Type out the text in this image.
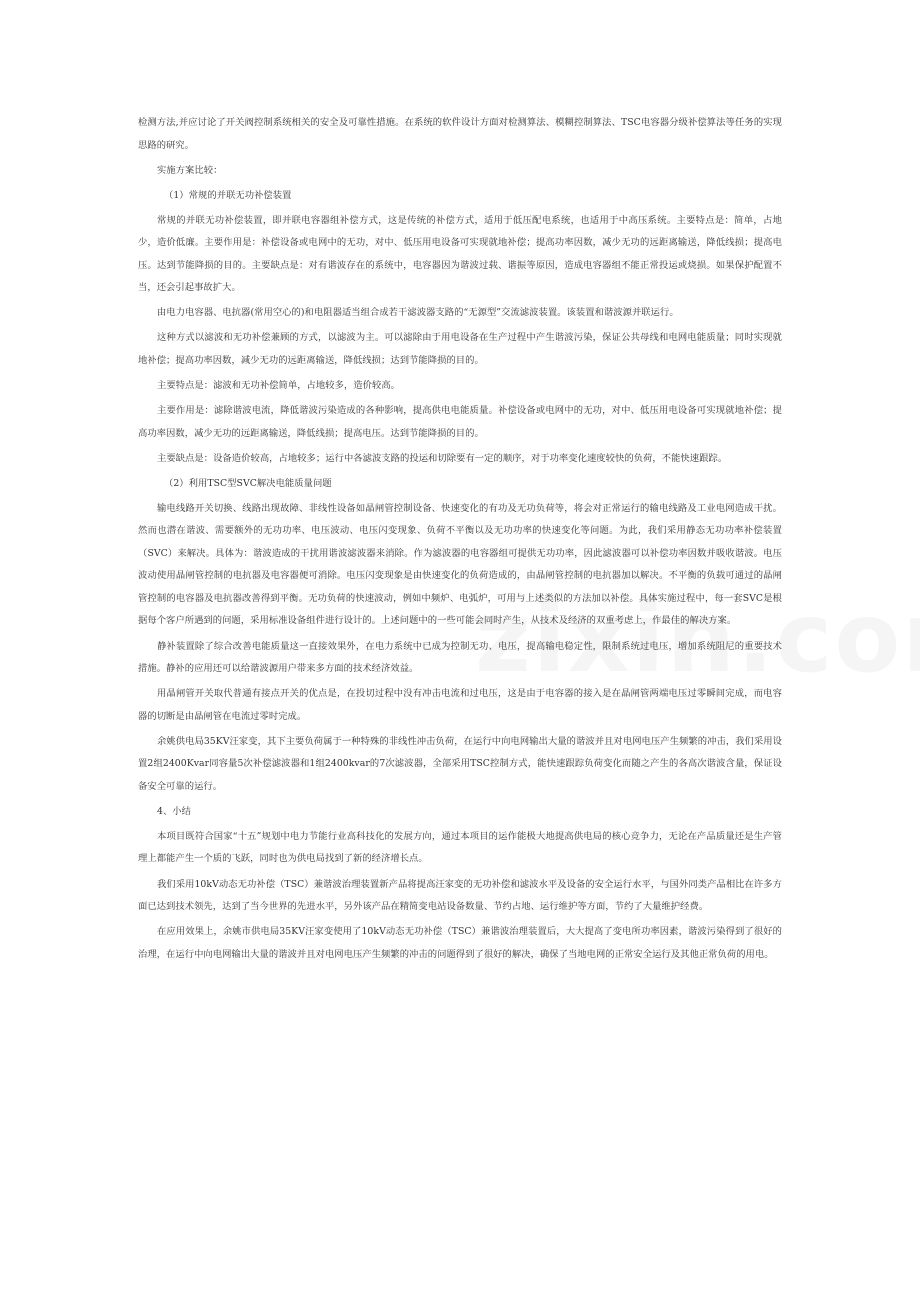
检测方法,并应讨论了开关阀控制系统相关的安全及可靠性措施。在系统的软件设计方面对检测算法、模糊控制算法、TSC电容器分级补偿算法等任务的实现思路的研究。

实施方案比较：

（1）常规的并联无功补偿装置

常规的并联无功补偿装置，即并联电容器组补偿方式，这是传统的补偿方式，适用于低压配电系统，也适用于中高压系统。主要特点是：简单，占地少，造价低廉。主要作用是：补偿设备或电网中的无功，对中、低压用电设备可实现就地补偿；提高功率因数，减少无功的远距离输送，降低线损；提高电压。达到节能降损的目的。主要缺点是：对有谐波存在的系统中，电容器因为谐波过载、谐振等原因，造成电容器组不能正常投运或烧损。如果保护配置不当，还会引起事故扩大。

由电力电容器、电抗器(常用空心的)和电阻器适当组合成若干滤波器支路的“无源型”交流滤波装置。该装置和谐波源并联运行。

这种方式以滤波和无功补偿兼顾的方式，以滤波为主。可以滤除由于用电设备在生产过程中产生谐波污染，保证公共母线和电网电能质量；同时实现就地补偿；提高功率因数，减少无功的远距离输送，降低线损；达到节能降损的目的。

主要特点是：滤波和无功补偿简单，占地较多，造价较高。

主要作用是：滤除谐波电流，降低谐波污染造成的各种影响，提高供电电能质量。补偿设备或电网中的无功，对中、低压用电设备可实现就地补偿；提高功率因数，减少无功的远距离输送，降低线损；提高电压。达到节能降损的目的。

主要缺点是：设备造价较高，占地较多；运行中各滤波支路的投运和切除要有一定的顺序，对于功率变化速度较快的负荷，不能快速跟踪。

（2）利用TSC型SVC解决电能质量问题

输电线路开关切换、线路出现故障、非线性设备如晶闸管控制设备、快速变化的有功及无功负荷等，将会对正常运行的输电线路及工业电网造成干扰。然而也潜在谐波、需要额外的无功功率、电压波动、电压闪变现象、负荷不平衡以及无功功率的快速变化等问题。为此，我们采用静态无功功率补偿装置（SVC）来解决。具体为：谐波造成的干扰用谐波滤波器来消除。作为滤波器的电容器组可提供无功功率，因此滤波器可以补偿功率因数并吸收谐波。电压波动使用晶闸管控制的电抗器及电容器便可消除。电压闪变现象是由快速变化的负荷造成的，由晶闸管控制的电抗器加以解决。不平衡的负载可通过的晶闸管控制的电容器及电抗器改善得到平衡。无功负荷的快速波动，例如中频炉、电弧炉，可用与上述类似的方法加以补偿。具体实施过程中，每一套SVC是根据每个客户所遇到的问题，采用标准设备组件进行设计的。上述问题中的一些可能会同时产生，从技术及经济的双重考虑上，作最佳的解决方案。

静补装置除了综合改善电能质量这一直接效果外，在电力系统中已成为控制无功、电压，提高输电稳定性，限制系统过电压，增加系统阻尼的重要技术措施。静补的应用还可以给谐波源用户带来多方面的技术经济效益。

用晶闸管开关取代普通有接点开关的优点是，在投切过程中没有冲击电流和过电压，这是由于电容器的接入是在晶闸管两端电压过零瞬间完成，而电容器的切断是由晶闸管在电流过零时完成。

余姚供电局35KV汪家变，其下主要负荷属于一种特殊的非线性冲击负荷，在运行中向电网输出大量的谐波并且对电网电压产生频繁的冲击，我们采用设置2组2400Kvar同容量5次补偿滤波器和1组2400kvar的7次滤波器，全部采用TSC控制方式，能快速跟踪负荷变化而随之产生的各高次谐波含量，保证设备安全可靠的运行。

4、小结

本项目既符合国家“十五”规划中电力节能行业高科技化的发展方向，通过本项目的运作能极大地提高供电局的核心竞争力，无论在产品质量还是生产管理上都能产生一个质的飞跃，同时也为供电局找到了新的经济增长点。

我们采用10kV动态无功补偿（TSC）兼谐波治理装置新产品将提高汪家变的无功补偿和滤波水平及设备的安全运行水平，与国外同类产品相比在许多方面已达到技术领先，达到了当今世界的先进水平，另外该产品在精简变电站设备数量、节约占地、运行维护等方面，节约了大量维护经费。

在应用效果上，余姚市供电局35KV汪家变使用了10kV动态无功补偿（TSC）兼谐波治理装置后，大大提高了变电所功率因素，谐波污染得到了很好的治理，在运行中向电网输出大量的谐波并且对电网电压产生频繁的冲击的问题得到了很好的解决，确保了当地电网的正常安全运行及其他正常负荷的用电。
